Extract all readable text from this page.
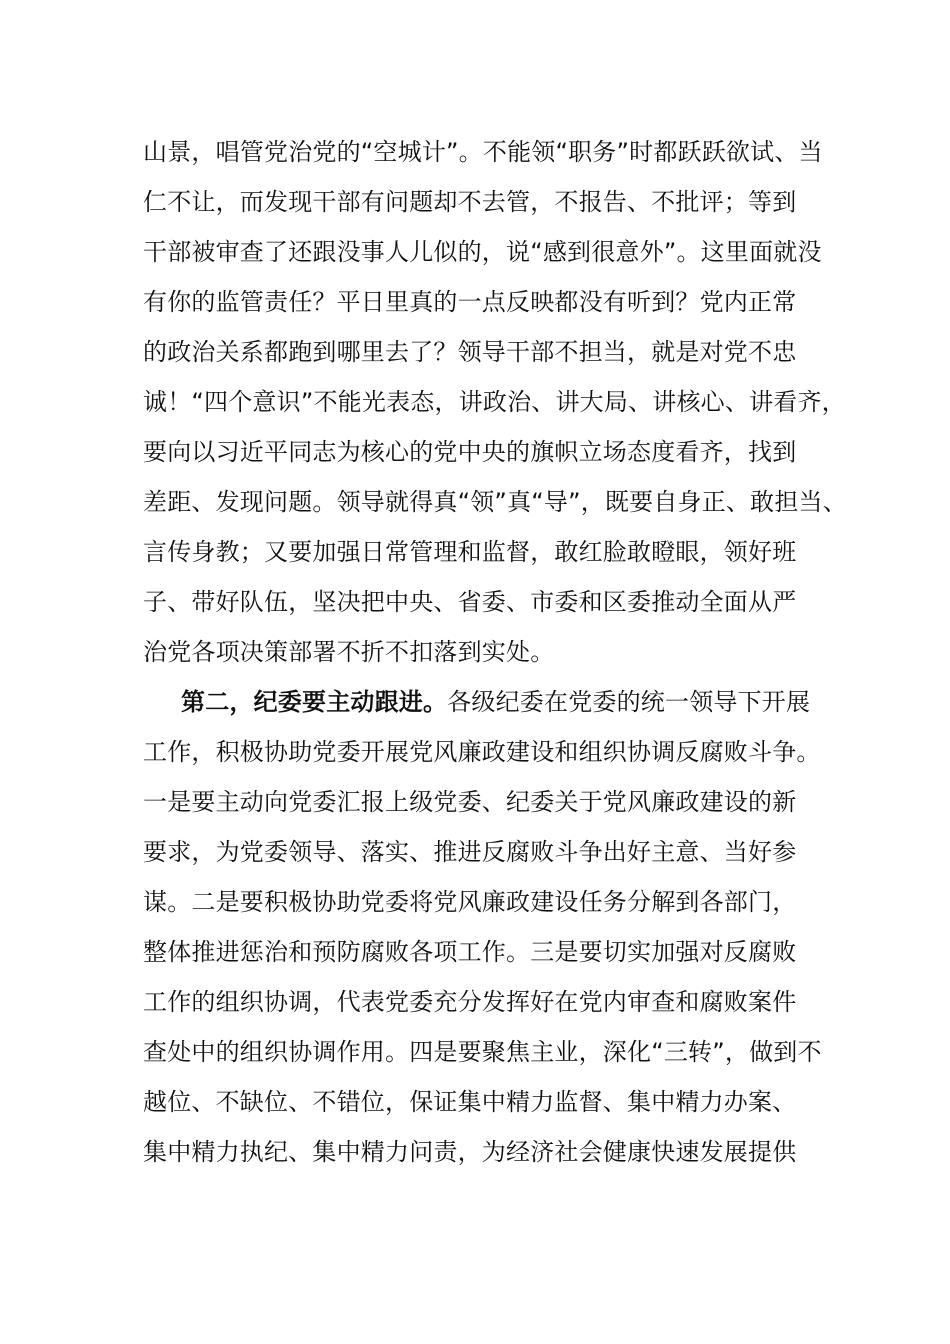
山景，唱管党治党的“空城计”。不能领“职务”时都跃跃欲试、当
仁不让，而发现干部有问题却不去管，不报告、不批评；等到
干部被审查了还跟没事人儿似的，说“感到很意外”。这里面就没
有你的监管责任？平日里真的一点反映都没有听到？党内正常
的政治关系都跑到哪里去了？领导干部不担当，就是对党不忠
诚！“四个意识”不能光表态，讲政治、讲大局、讲核心、讲看齐，
要向以习近平同志为核心的党中央的旗帜立场态度看齐，找到
差距、发现问题。领导就得真“领”真“导”，既要自身正、敢担当、
言传身教；又要加强日常管理和监督，敢红脸敢瞪眼，领好班
子、带好队伍，坚决把中央、省委、市委和区委推动全面从严
治党各项决策部署不折不扣落到实处。
第二，纪委要主动跟进。各级纪委在党委的统一领导下开展
工作，积极协助党委开展党风廉政建设和组织协调反腐败斗争。
一是要主动向党委汇报上级党委、纪委关于党风廉政建设的新
要求，为党委领导、落实、推进反腐败斗争出好主意、当好参
谋。二是要积极协助党委将党风廉政建设任务分解到各部门，
整体推进惩治和预防腐败各项工作。三是要切实加强对反腐败
工作的组织协调，代表党委充分发挥好在党内审查和腐败案件
查处中的组织协调作用。四是要聚焦主业，深化“三转”，做到不
越位、不缺位、不错位，保证集中精力监督、集中精力办案、
集中精力执纪、集中精力问责，为经济社会健康快速发展提供
